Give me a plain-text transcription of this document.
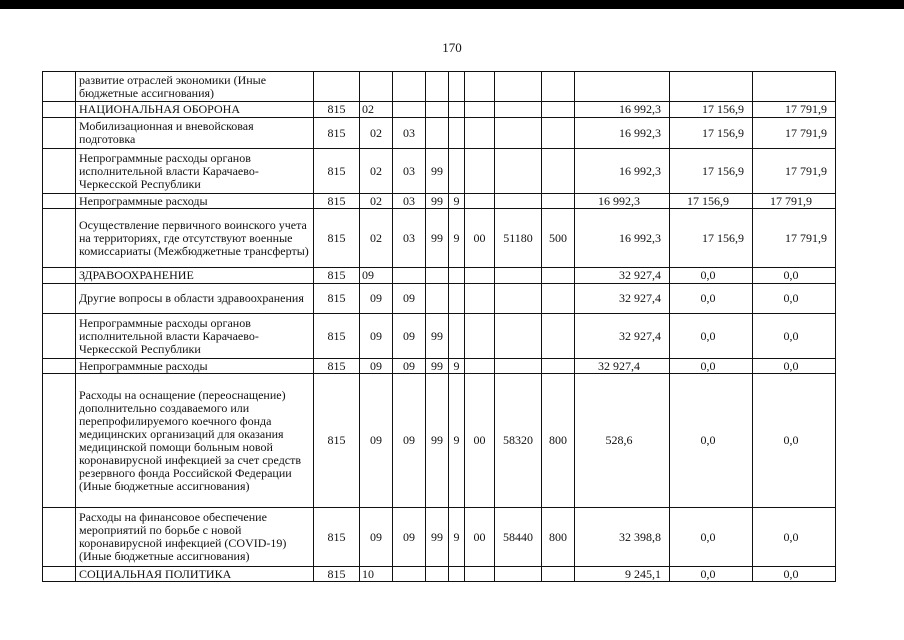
170
	развитие отраслей экономики (Иные бюджетные ассигнования)											
	НАЦИОНАЛЬНАЯ ОБОРОНА	815	02							16 992,3	17 156,9	17 791,9
	Мобилизационная и вневойсковая подготовка	815	02	03						16 992,3	17 156,9	17 791,9
	Непрограммные расходы органов исполнительной власти Карачаево-Черкесской Республики	815	02	03	99					16 992,3	17 156,9	17 791,9
	Непрограммные расходы	815	02	03	99	9				16 992,3	17 156,9	17 791,9
	Осуществление первичного воинского учета на территориях, где отсутствуют военные комиссариаты (Межбюджетные трансферты)	815	02	03	99	9	00	51180	500	16 992,3	17 156,9	17 791,9
	ЗДРАВООХРАНЕНИЕ	815	09							32 927,4	0,0	0,0
	Другие вопросы в области здравоохранения	815	09	09						32 927,4	0,0	0,0
	Непрограммные расходы органов исполнительной власти Карачаево-Черкесской Республики	815	09	09	99					32 927,4	0,0	0,0
	Непрограммные расходы	815	09	09	99	9				32 927,4	0,0	0,0
	Расходы на оснащение (переоснащение) дополнительно создаваемого или перепрофилируемого коечного фонда медицинских организаций для оказания медицинской помощи больным новой коронавирусной инфекцией за счет средств резервного фонда Российской Федерации (Иные бюджетные ассигнования)	815	09	09	99	9	00	58320	800	528,6	0,0	0,0
	Расходы на финансовое обеспечение мероприятий по борьбе с новой коронавирусной инфекцией (COVID-19) (Иные бюджетные ассигнования)	815	09	09	99	9	00	58440	800	32 398,8	0,0	0,0
	СОЦИАЛЬНАЯ ПОЛИТИКА	815	10							9 245,1	0,0	0,0
